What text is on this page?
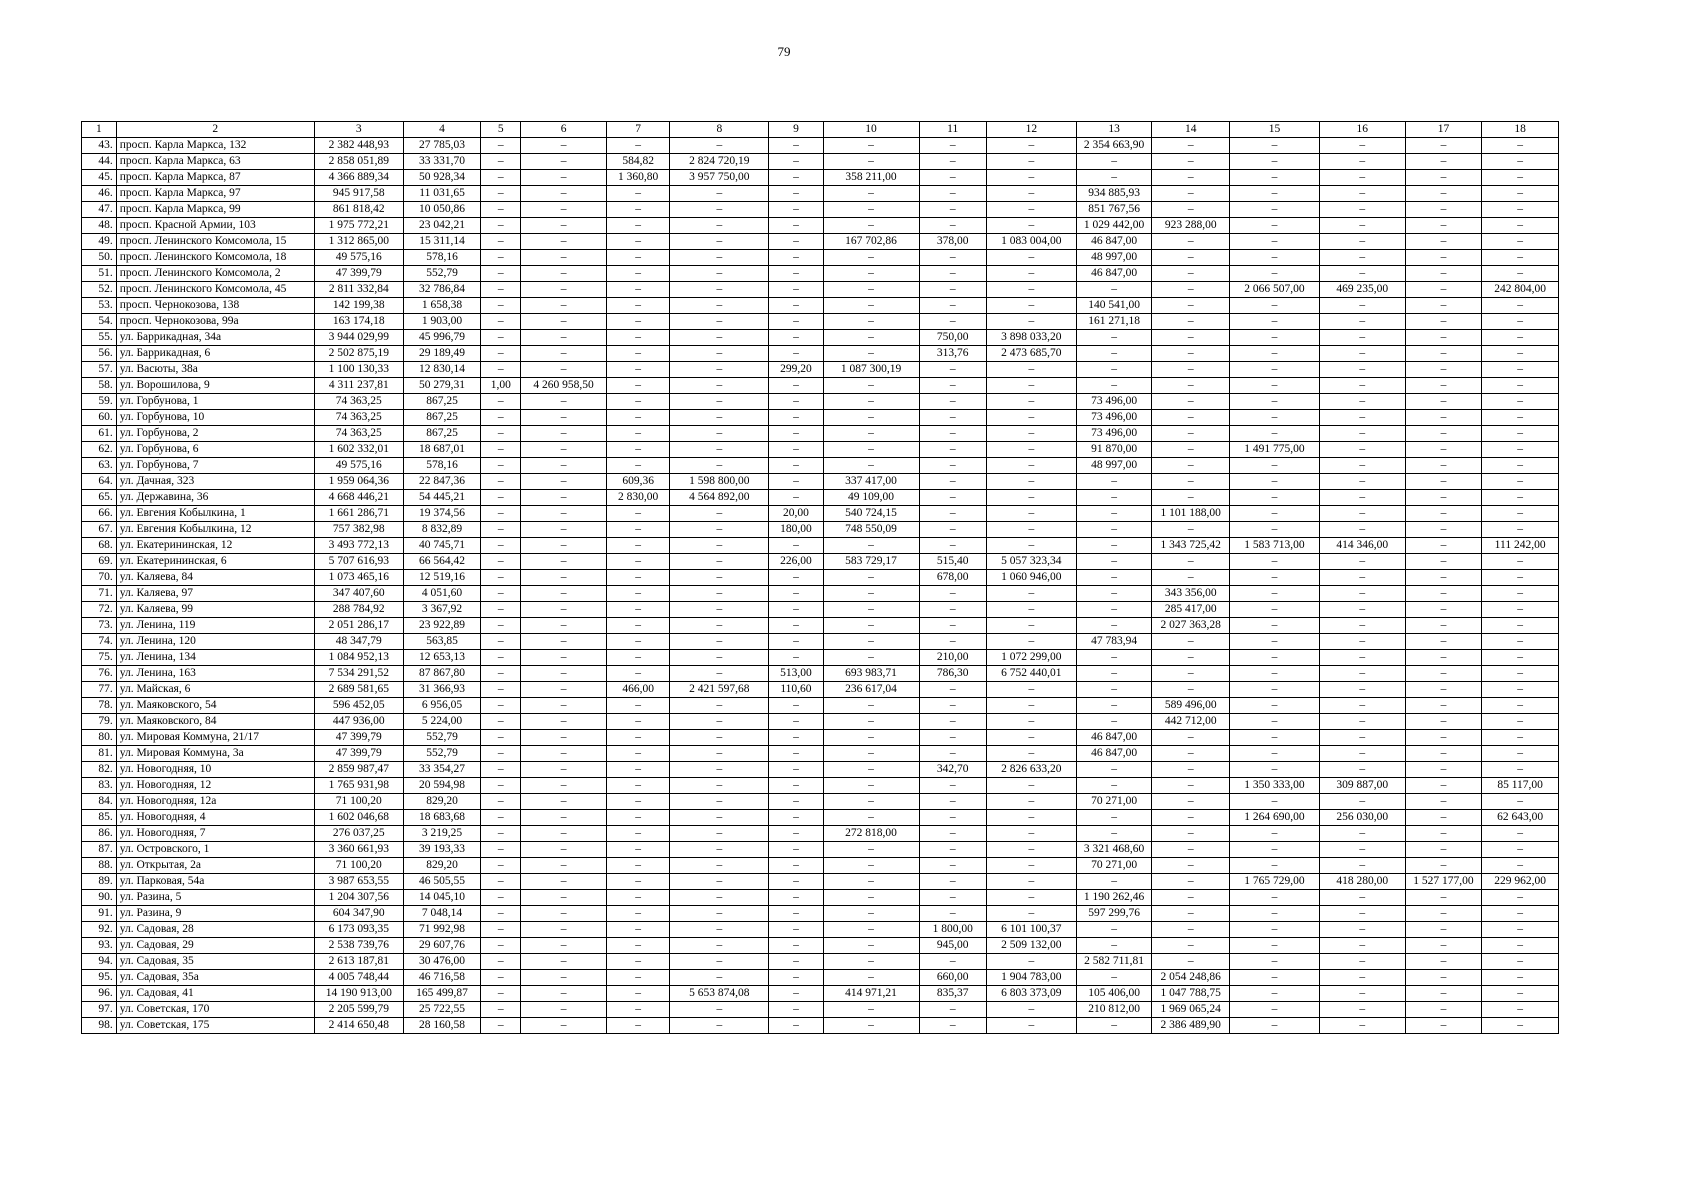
79
1	2	3	4	5	6	7	8	9	10	11	12	13	14	15	16	17	18
43.	просп. Карла Маркса, 132	2 382 448,93	27 785,03	–	–	–	–	–	–	–	–	2 354 663,90	–	–	–	–	–
44.	просп. Карла Маркса, 63	2 858 051,89	33 331,70	–	–	584,82	2 824 720,19	–	–	–	–	–	–	–	–	–	–
45.	просп. Карла Маркса, 87	4 366 889,34	50 928,34	–	–	1 360,80	3 957 750,00	–	358 211,00	–	–	–	–	–	–	–	–
46.	просп. Карла Маркса, 97	945 917,58	11 031,65	–	–	–	–	–	–	–	–	934 885,93	–	–	–	–	–
47.	просп. Карла Маркса, 99	861 818,42	10 050,86	–	–	–	–	–	–	–	–	851 767,56	–	–	–	–	–
48.	просп. Красной Армии, 103	1 975 772,21	23 042,21	–	–	–	–	–	–	–	–	1 029 442,00	923 288,00	–	–	–	–
49.	просп. Ленинского Комсомола, 15	1 312 865,00	15 311,14	–	–	–	–	–	167 702,86	378,00	1 083 004,00	46 847,00	–	–	–	–	–
50.	просп. Ленинского Комсомола, 18	49 575,16	578,16	–	–	–	–	–	–	–	–	48 997,00	–	–	–	–	–
51.	просп. Ленинского Комсомола, 2	47 399,79	552,79	–	–	–	–	–	–	–	–	46 847,00	–	–	–	–	–
52.	просп. Ленинского Комсомола, 45	2 811 332,84	32 786,84	–	–	–	–	–	–	–	–	–	–	2 066 507,00	469 235,00	–	242 804,00
53.	просп. Чернокозова, 138	142 199,38	1 658,38	–	–	–	–	–	–	–	–	140 541,00	–	–	–	–	–
54.	просп. Чернокозова, 99а	163 174,18	1 903,00	–	–	–	–	–	–	–	–	161 271,18	–	–	–	–	–
55.	ул. Баррикадная, 34а	3 944 029,99	45 996,79	–	–	–	–	–	–	750,00	3 898 033,20	–	–	–	–	–	–
56.	ул. Баррикадная, 6	2 502 875,19	29 189,49	–	–	–	–	–	–	313,76	2 473 685,70	–	–	–	–	–	–
57.	ул. Васюты, 38а	1 100 130,33	12 830,14	–	–	–	–	299,20	1 087 300,19	–	–	–	–	–	–	–	–
58.	ул. Ворошилова, 9	4 311 237,81	50 279,31	1,00	4 260 958,50	–	–	–	–	–	–	–	–	–	–	–	–
59.	ул. Горбунова, 1	74 363,25	867,25	–	–	–	–	–	–	–	–	73 496,00	–	–	–	–	–
60.	ул. Горбунова, 10	74 363,25	867,25	–	–	–	–	–	–	–	–	73 496,00	–	–	–	–	–
61.	ул. Горбунова, 2	74 363,25	867,25	–	–	–	–	–	–	–	–	73 496,00	–	–	–	–	–
62.	ул. Горбунова, 6	1 602 332,01	18 687,01	–	–	–	–	–	–	–	–	91 870,00	–	1 491 775,00	–	–	–
63.	ул. Горбунова, 7	49 575,16	578,16	–	–	–	–	–	–	–	–	48 997,00	–	–	–	–	–
64.	ул. Дачная, 323	1 959 064,36	22 847,36	–	–	609,36	1 598 800,00	–	337 417,00	–	–	–	–	–	–	–	–
65.	ул. Державина, 36	4 668 446,21	54 445,21	–	–	2 830,00	4 564 892,00	–	49 109,00	–	–	–	–	–	–	–	–
66.	ул. Евгения Кобылкина, 1	1 661 286,71	19 374,56	–	–	–	–	20,00	540 724,15	–	–	–	1 101 188,00	–	–	–	–
67.	ул. Евгения Кобылкина, 12	757 382,98	8 832,89	–	–	–	–	180,00	748 550,09	–	–	–	–	–	–	–	–
68.	ул. Екатерининская, 12	3 493 772,13	40 745,71	–	–	–	–	–	–	–	–	–	1 343 725,42	1 583 713,00	414 346,00	–	111 242,00
69.	ул. Екатерининская, 6	5 707 616,93	66 564,42	–	–	–	–	226,00	583 729,17	515,40	5 057 323,34	–	–	–	–	–	–
70.	ул. Каляева, 84	1 073 465,16	12 519,16	–	–	–	–	–	–	678,00	1 060 946,00	–	–	–	–	–	–
71.	ул. Каляева, 97	347 407,60	4 051,60	–	–	–	–	–	–	–	–	–	343 356,00	–	–	–	–
72.	ул. Каляева, 99	288 784,92	3 367,92	–	–	–	–	–	–	–	–	–	285 417,00	–	–	–	–
73.	ул. Ленина, 119	2 051 286,17	23 922,89	–	–	–	–	–	–	–	–	–	2 027 363,28	–	–	–	–
74.	ул. Ленина, 120	48 347,79	563,85	–	–	–	–	–	–	–	–	47 783,94	–	–	–	–	–
75.	ул. Ленина, 134	1 084 952,13	12 653,13	–	–	–	–	–	–	210,00	1 072 299,00	–	–	–	–	–	–
76.	ул. Ленина, 163	7 534 291,52	87 867,80	–	–	–	–	513,00	693 983,71	786,30	6 752 440,01	–	–	–	–	–	–
77.	ул. Майская, 6	2 689 581,65	31 366,93	–	–	466,00	2 421 597,68	110,60	236 617,04	–	–	–	–	–	–	–	–
78.	ул. Маяковского, 54	596 452,05	6 956,05	–	–	–	–	–	–	–	–	–	589 496,00	–	–	–	–
79.	ул. Маяковского, 84	447 936,00	5 224,00	–	–	–	–	–	–	–	–	–	442 712,00	–	–	–	–
80.	ул. Мировая Коммуна, 21/17	47 399,79	552,79	–	–	–	–	–	–	–	–	46 847,00	–	–	–	–	–
81.	ул. Мировая Коммуна, 3а	47 399,79	552,79	–	–	–	–	–	–	–	–	46 847,00	–	–	–	–	–
82.	ул. Новогодняя, 10	2 859 987,47	33 354,27	–	–	–	–	–	–	342,70	2 826 633,20	–	–	–	–	–	–
83.	ул. Новогодняя, 12	1 765 931,98	20 594,98	–	–	–	–	–	–	–	–	–	–	1 350 333,00	309 887,00	–	85 117,00
84.	ул. Новогодняя, 12а	71 100,20	829,20	–	–	–	–	–	–	–	–	70 271,00	–	–	–	–	–
85.	ул. Новогодняя, 4	1 602 046,68	18 683,68	–	–	–	–	–	–	–	–	–	–	1 264 690,00	256 030,00	–	62 643,00
86.	ул. Новогодняя, 7	276 037,25	3 219,25	–	–	–	–	–	272 818,00	–	–	–	–	–	–	–	–
87.	ул. Островского, 1	3 360 661,93	39 193,33	–	–	–	–	–	–	–	–	3 321 468,60	–	–	–	–	–
88.	ул. Открытая, 2а	71 100,20	829,20	–	–	–	–	–	–	–	–	70 271,00	–	–	–	–	–
89.	ул. Парковая, 54а	3 987 653,55	46 505,55	–	–	–	–	–	–	–	–	–	–	1 765 729,00	418 280,00	1 527 177,00	229 962,00
90.	ул. Разина, 5	1 204 307,56	14 045,10	–	–	–	–	–	–	–	–	1 190 262,46	–	–	–	–	–
91.	ул. Разина, 9	604 347,90	7 048,14	–	–	–	–	–	–	–	–	597 299,76	–	–	–	–	–
92.	ул. Садовая, 28	6 173 093,35	71 992,98	–	–	–	–	–	–	1 800,00	6 101 100,37	–	–	–	–	–	–
93.	ул. Садовая, 29	2 538 739,76	29 607,76	–	–	–	–	–	–	945,00	2 509 132,00	–	–	–	–	–	–
94.	ул. Садовая, 35	2 613 187,81	30 476,00	–	–	–	–	–	–	–	–	2 582 711,81	–	–	–	–	–
95.	ул. Садовая, 35а	4 005 748,44	46 716,58	–	–	–	–	–	–	660,00	1 904 783,00	–	2 054 248,86	–	–	–	–
96.	ул. Садовая, 41	14 190 913,00	165 499,87	–	–	–	5 653 874,08	–	414 971,21	835,37	6 803 373,09	105 406,00	1 047 788,75	–	–	–	–
97.	ул. Советская, 170	2 205 599,79	25 722,55	–	–	–	–	–	–	–	–	210 812,00	1 969 065,24	–	–	–	–
98.	ул. Советская, 175	2 414 650,48	28 160,58	–	–	–	–	–	–	–	–	–	2 386 489,90	–	–	–	–
